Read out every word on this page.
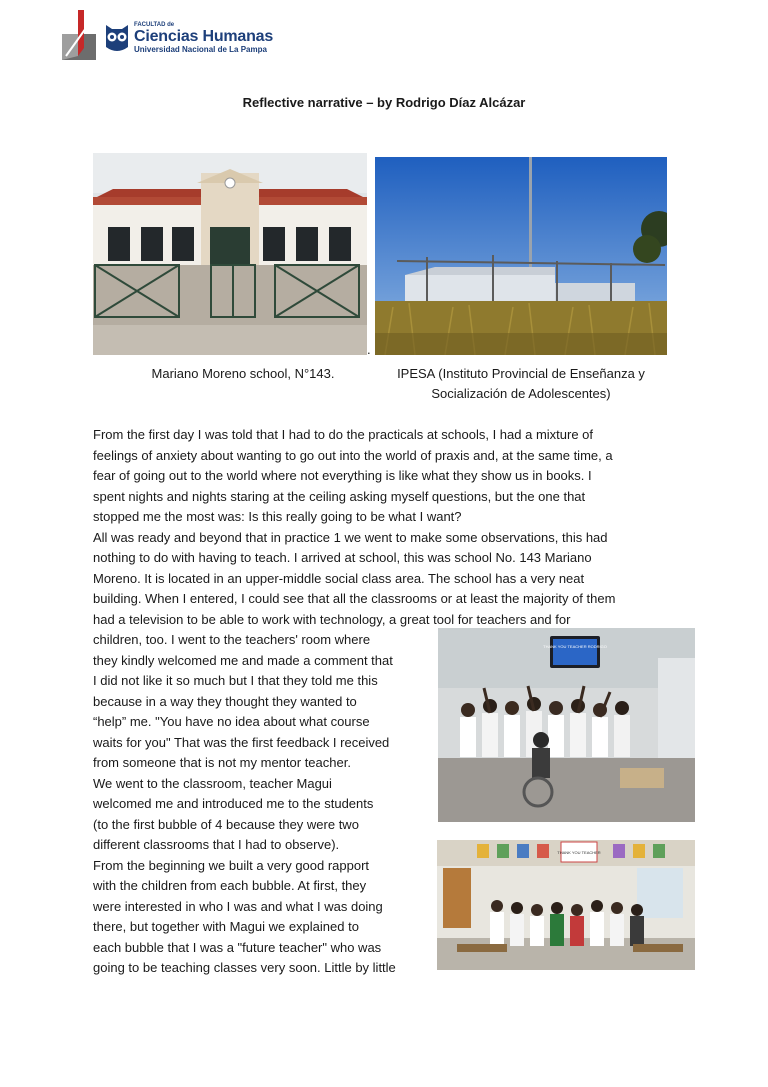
FACULTAD de
Ciencias Humanas
Universidad Nacional de La Pampa
Reflective narrative – by Rodrigo Díaz Alcázar
.
Mariano Moreno school, N°143.	IPESA (Instituto Provincial de Enseñanza y
Socialización de Adolescentes)

From the first day I was told that I had to do the practicals at schools, I had a mixture of

feelings of anxiety about wanting to go out into the world of praxis and, at the same time, a

fear of going out to the world where not everything is like what they show us in books. I

spent nights and nights staring at the ceiling asking myself questions, but the one that

stopped me the most was: Is this really going to be what I want?

All was ready and beyond that in practice 1 we went to make some observations, this had

nothing to do with having to teach. I arrived at school, this was school No. 143 Mariano

Moreno. It is located in an upper-middle social class area. The school has a very neat

building. When I entered, I could see that all the classrooms or at least the majority of them

had a television to be able to work with technology, a great tool for teachers and for

children, too. I went to the teachers' room where

they kindly welcomed me and made a comment that

I did not like it so much but I that they told me this

because in a way they thought they wanted to

“help” me. "You have no idea about what course

waits for you" That was the first feedback I received

from someone that is not my mentor teacher.

We went to the classroom, teacher Magui

welcomed me and introduced me to the students

(to the first bubble of 4 because they were two

different classrooms that I had to observe).

From the beginning we built a very good rapport

with the children from each bubble. At first, they

were interested in who I was and what I was doing

there, but together with Magui we explained to

each bubble that I was a "future teacher" who was

going to be teaching classes very soon. Little by little

THANK YOU TEACHER RODRIGO
THANK YOU TEACHER
